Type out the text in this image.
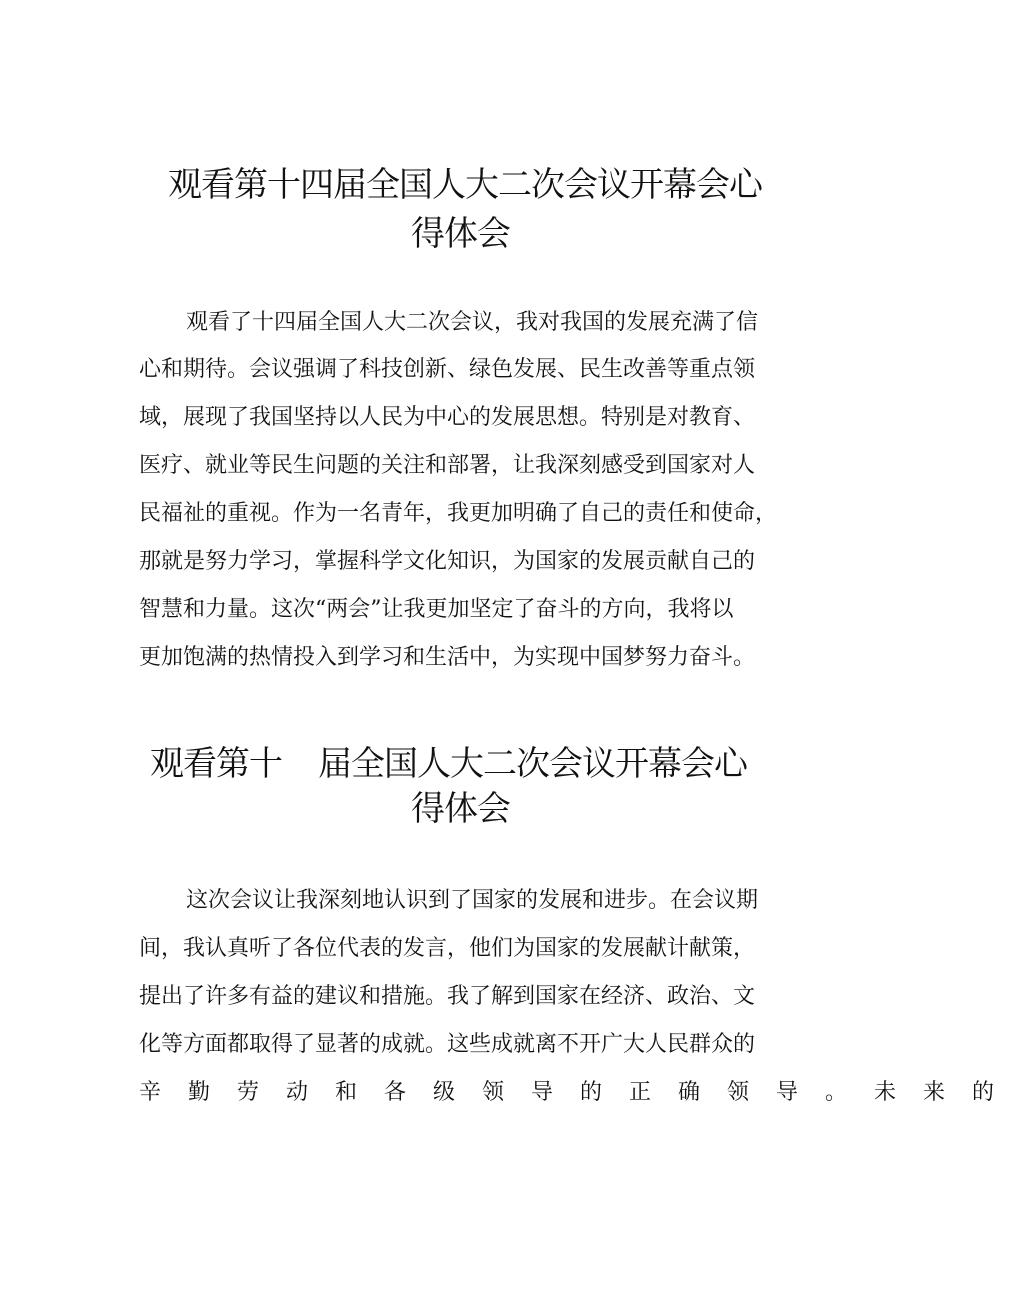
观看第十四届全国人大二次会议开幕会心
得体会
观看了十四届全国人大二次会议，我对我国的发展充满了信
心和期待。会议强调了科技创新、绿色发展、民生改善等重点领
域，展现了我国坚持以人民为中心的发展思想。特别是对教育、
医疗、就业等民生问题的关注和部署，让我深刻感受到国家对人
民福祉的重视。作为一名青年，我更加明确了自己的责任和使命，
那就是努力学习，掌握科学文化知识，为国家的发展贡献自己的
智慧和力量。这次“两会”让我更加坚定了奋斗的方向，我将以
更加饱满的热情投入到学习和生活中，为实现中国梦努力奋斗。
观看第十 届全国人大二次会议开幕会心
得体会
这次会议让我深刻地认识到了国家的发展和进步。在会议期
间，我认真听了各位代表的发言，他们为国家的发展献计献策，
提出了许多有益的建议和措施。我了解到国家在经济、政治、文
化等方面都取得了显著的成就。这些成就离不开广大人民群众的
辛勤劳动和各级领导的正确领导。未来的
